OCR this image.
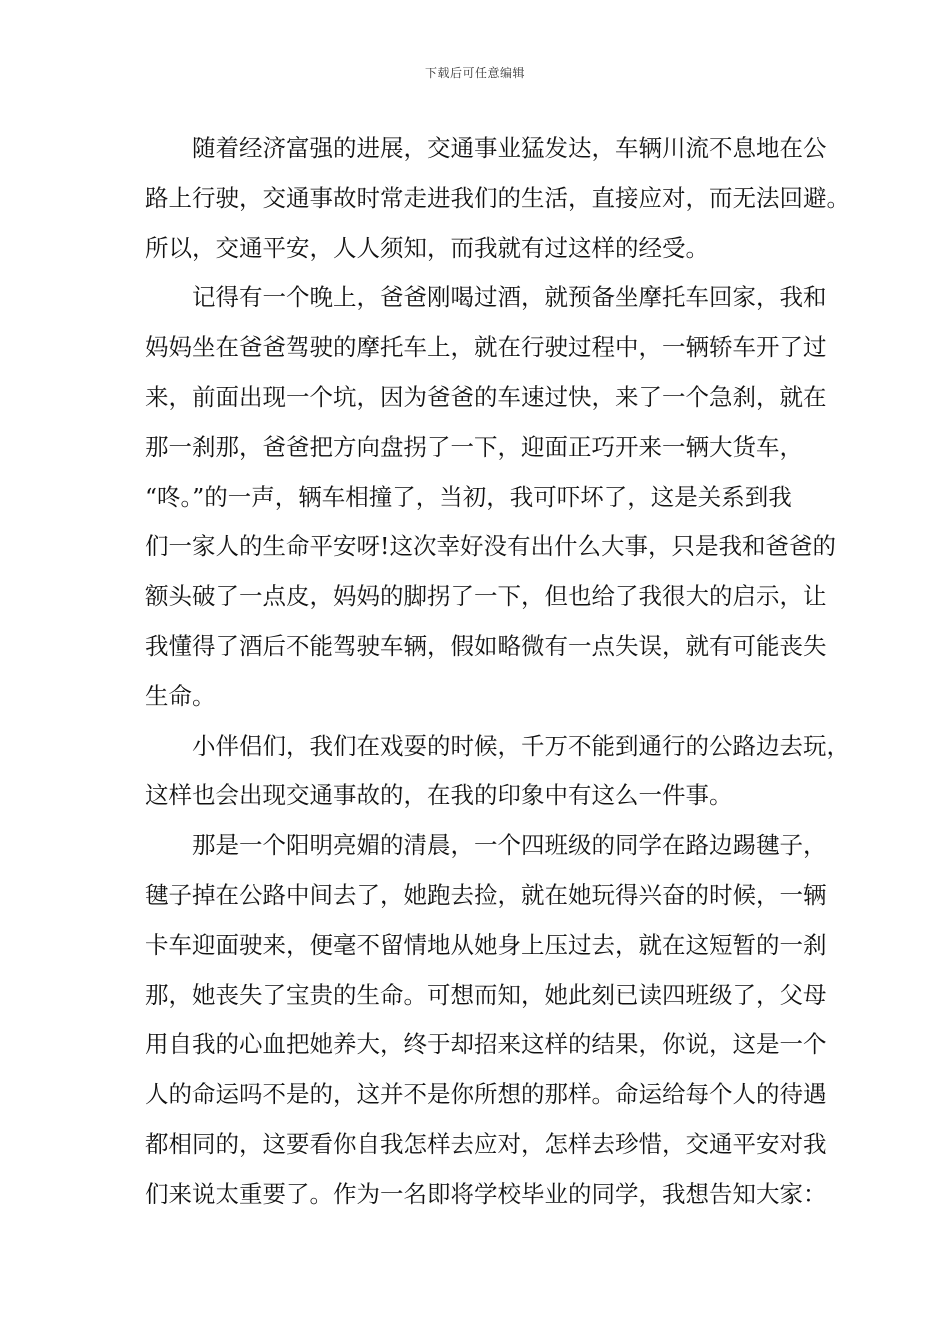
下载后可任意编辑
随着经济富强的进展，交通事业猛发达，车辆川流不息地在公
路上行驶，交通事故时常走进我们的生活，直接应对，而无法回避。
所以，交通平安，人人须知，而我就有过这样的经受。
记得有一个晚上，爸爸刚喝过酒，就预备坐摩托车回家，我和
妈妈坐在爸爸驾驶的摩托车上，就在行驶过程中，一辆轿车开了过
来，前面出现一个坑，因为爸爸的车速过快，来了一个急刹，就在
那一刹那，爸爸把方向盘拐了一下，迎面正巧开来一辆大货车，
“咚。”的一声，辆车相撞了，当初，我可吓坏了，这是关系到我
们一家人的生命平安呀!这次幸好没有出什么大事，只是我和爸爸的
额头破了一点皮，妈妈的脚拐了一下，但也给了我很大的启示，让
我懂得了酒后不能驾驶车辆，假如略微有一点失误，就有可能丧失
生命。
小伴侣们，我们在戏耍的时候，千万不能到通行的公路边去玩，
这样也会出现交通事故的，在我的印象中有这么一件事。
那是一个阳明亮媚的清晨，一个四班级的同学在路边踢毽子，
毽子掉在公路中间去了，她跑去捡，就在她玩得兴奋的时候，一辆
卡车迎面驶来，便毫不留情地从她身上压过去，就在这短暂的一刹
那，她丧失了宝贵的生命。可想而知，她此刻已读四班级了，父母
用自我的心血把她养大，终于却招来这样的结果，你说，这是一个
人的命运吗不是的，这并不是你所想的那样。命运给每个人的待遇
都相同的，这要看你自我怎样去应对，怎样去珍惜，交通平安对我
们来说太重要了。作为一名即将学校毕业的同学，我想告知大家：
